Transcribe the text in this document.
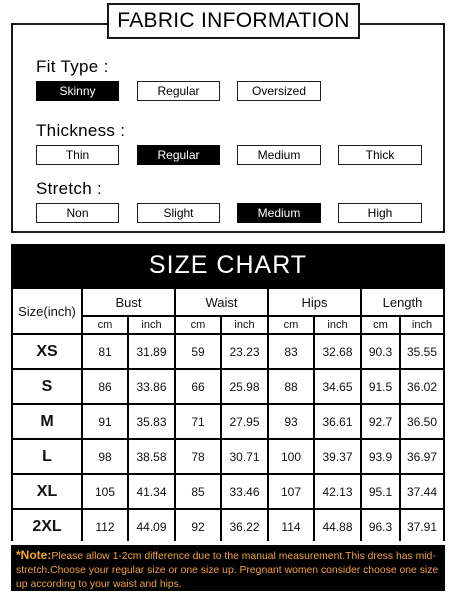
FABRIC INFORMATION
Fit Type :
Skinny	Regular	Oversized
Thickness :
Thin	Regular	Medium	Thick
Stretch :
Non	Slight	Medium	High
SIZE CHART
Size(inch)
Bust
cm	inch
Waist
cm	inch
Hips
cm	inch
Length
cm	inch
XS	81	31.89	59	23.23	83	32.68	90.3	35.55
S	86	33.86	66	25.98	88	34.65	91.5	36.02
M	91	35.83	71	27.95	93	36.61	92.7	36.50
L	98	38.58	78	30.71	100	39.37	93.9	36.97
XL	105	41.34	85	33.46	107	42.13	95.1	37.44
2XL	112	44.09	92	36.22	114	44.88	96.3	37.91
*Note:Please allow 1-2cm difference due to the manual measurement.This dress has mid-stretch.Choose your regular size or one size up. Pregnant women consider choose one size up according to your waist and hips.
